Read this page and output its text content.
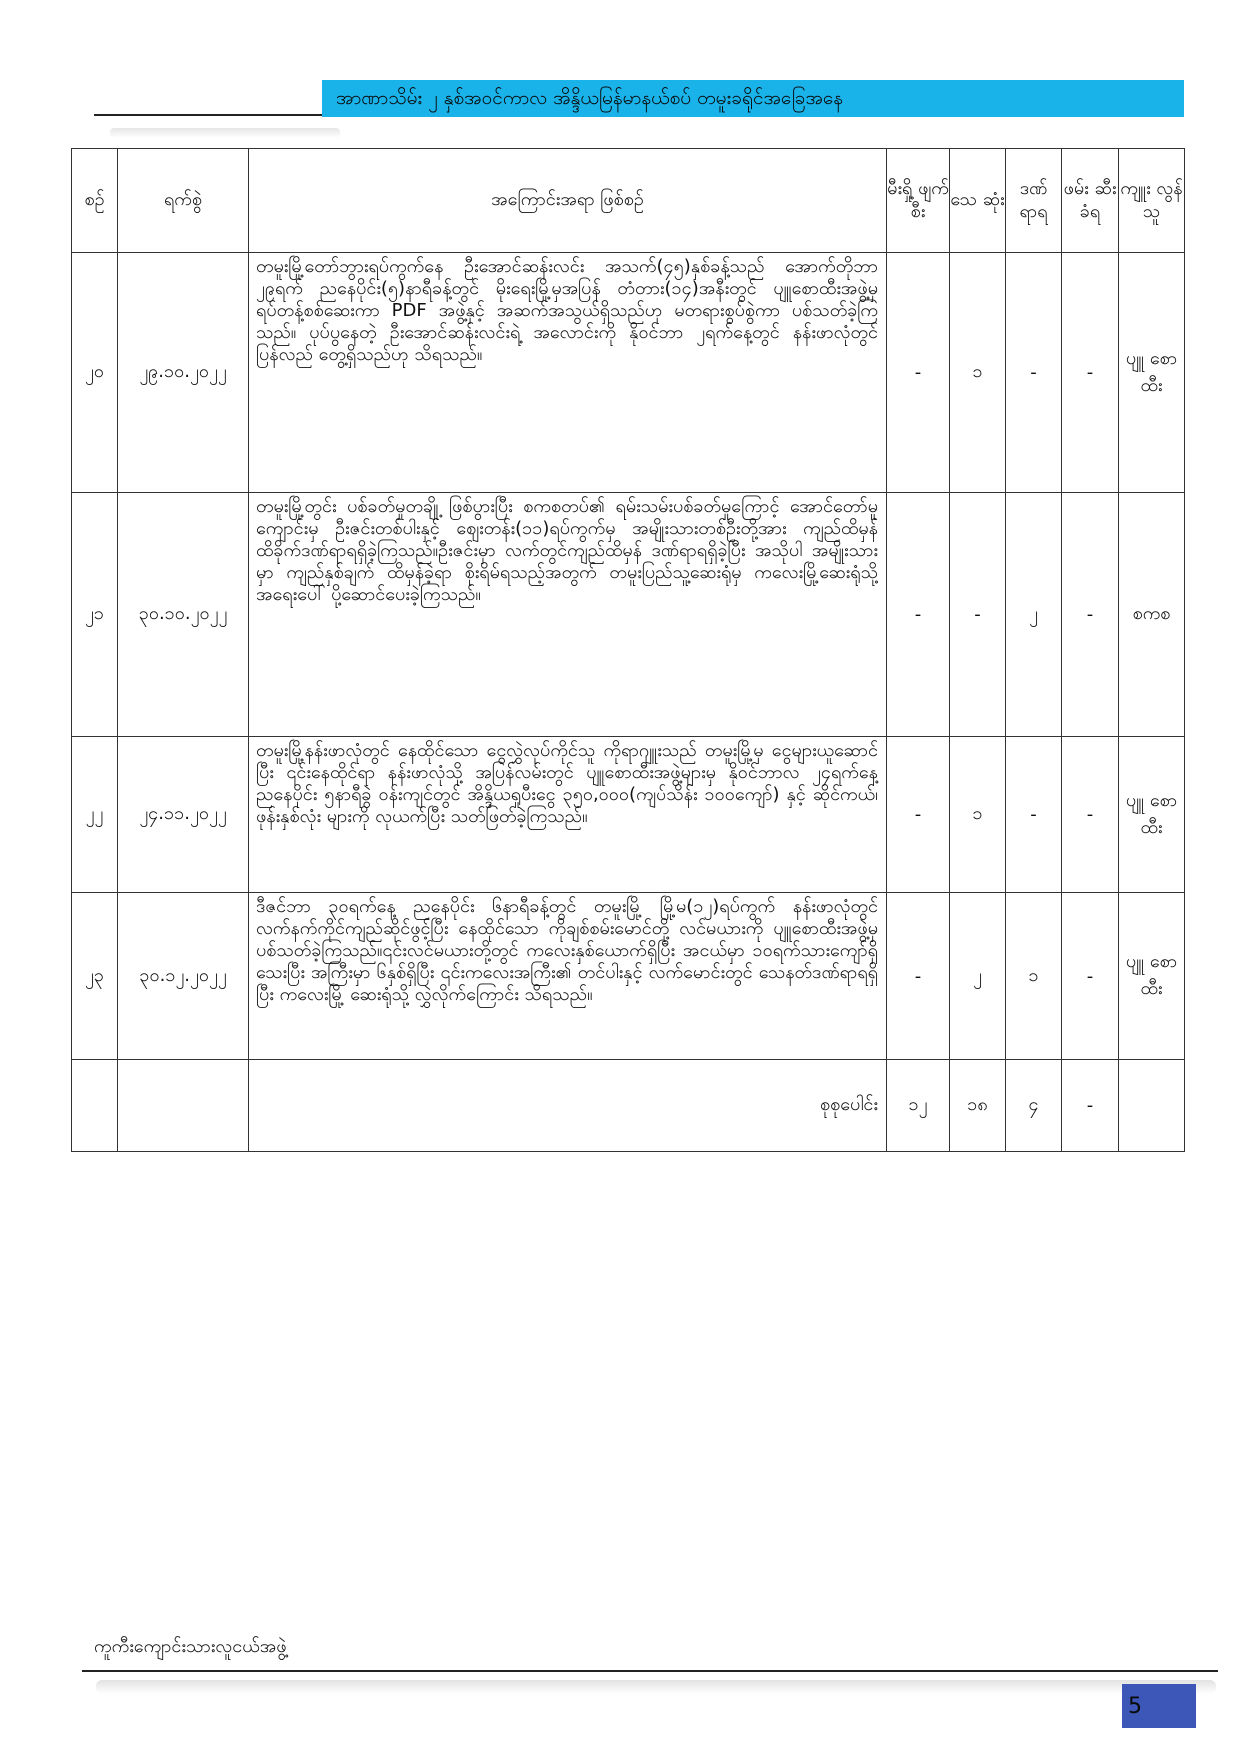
အာဏာသိမ်း ၂ နှစ်အဝင်ကာလ အိန္ဒိယမြန်မာနယ်စပ် တမူးခရိုင်အခြေအနေ
စဉ်	ရက်စွဲ	အကြောင်းအရာ ဖြစ်စဉ်	မီးရှို့ ဖျက် စီး	သေ ဆုံး	ဒဏ် ရာရ	ဖမ်း ဆီး ခံရ	ကျူး လွန် သူ
၂၀	၂၉.၁၀.၂၀၂၂	တမူးမြို့တော်ဘွားရပ်ကွက်နေ ဦးအောင်ဆန်းလင်း အသက်(၄၅)နှစ်ခန့်သည် အောက်တိုဘာ ၂၉ရက် ညနေပိုင်း(၅)နာရီခန့်တွင် မိုးရေးမြို့မှအပြန် တံတား(၁၄)အနီးတွင် ပျူစောထီးအဖွဲ့မှ ရပ်တန့်စစ်ဆေးကာ PDF အဖွဲ့နှင့် အဆက်အသွယ်ရှိသည်ဟု မတရားစွပ်စွဲကာ ပစ်သတ်ခဲ့ကြသည်။ ပုပ်ပွနေတဲ့ ဦးအောင်ဆန်းလင်းရဲ့ အလောင်းကို နိုဝင်ဘာ ၂ရက်နေ့တွင် နန်းဖာလုံတွင် ပြန်လည် တွေ့ရှိသည်ဟု သိရသည်။	-	၁	-	-	ပျူ စော ထီး
၂၁	၃၀.၁၀.၂၀၂၂	တမူးမြို့တွင်း ပစ်ခတ်မှုတချို့ ဖြစ်ပွားပြီး စကစတပ်၏ ရမ်းသမ်းပစ်ခတ်မှုကြောင့် အောင်တော်မူကျောင်းမှ ဦးဇင်းတစ်ပါးနှင့် စျေးတန်း(၁၁)ရပ်ကွက်မှ အမျိုးသားတစ်ဦးတို့အား ကျည်ထိမှန်ထိခိုက်ဒဏ်ရာရရှိခဲ့ကြသည်။ဦးဇင်းမှာ လက်တွင်ကျည်ထိမှန် ဒဏ်ရာရရှိခဲ့ပြီး အသိုပါ အမျိုးသားမှာ ကျည်နှစ်ချက် ထိမှန်ခဲ့ရာ စိုးရိမ်ရသည့်အတွက် တမူးပြည်သူ့ဆေးရုံမှ ကလေးမြို့ဆေးရုံသို့ အရေးပေါ် ပို့ဆောင်ပေးခဲ့ကြသည်။	-	-	၂	-	စကစ
၂၂	၂၄.၁၁.၂၀၂၂	တမူးမြို့နန်းဖာလုံတွင် နေထိုင်သော ငွေလွှဲလုပ်ကိုင်သူ ကိုရာဂျူးသည် တမူးမြို့မှ ငွေများယူဆောင်ပြီး ၎င်းနေထိုင်ရာ နန်းဖာလုံသို့ အပြန်လမ်းတွင် ပျူစောထီးအဖွဲ့များမှ နိုဝင်ဘာလ ၂၄ရက်နေ့ ညနေပိုင်း ၅နာရီခွဲ ဝန်းကျင်တွင် အိန္ဒိယရူပီးငွေ ၃၅၀,၀၀၀(ကျပ်သိန်း ၁၀၀ကျော်) နှင့် ဆိုင်ကယ်၊ဖုန်းနှစ်လုံး များကို လုယက်ပြီး သတ်ဖြတ်ခဲ့ကြသည်။	-	၁	-	-	ပျူ စော ထီး
၂၃	၃၀.၁၂.၂၀၂၂	ဒီဇင်ဘာ ၃၀ရက်နေ့ ညနေပိုင်း ၆နာရီခန့်တွင် တမူးမြို့ မြို့မ(၁၂)ရပ်ကွက် နန်းဖာလုံတွင် လက်နက်ကိုင်ကျည်ဆိုင်ဖွင့်ပြီး နေထိုင်သော ကိုချစ်စမ်းမောင်တို့ လင်မယားကို ပျူစောထီးအဖွဲ့မှ ပစ်သတ်ခဲ့ကြသည်။၎င်းလင်မယားတို့တွင် ကလေးနှစ်ယောက်ရှိပြီး အငယ်မှာ ၁၀ရက်သားကျော်ရှိသေးပြီး အကြီးမှာ ၆နှစ်ရှိပြီး ၎င်းကလေးအကြီး၏ တင်ပါးနှင့် လက်မောင်းတွင် သေနတ်ဒဏ်ရာရရှိပြီး ကလေးမြို့ ဆေးရုံသို့ လွှဲလိုက်ကြောင်း သိရသည်။	-	၂	၁	-	ပျူ စော ထီး
		စုစုပေါင်း	၁၂	၁၈	၄	-	
ကူကီးကျောင်းသားလူငယ်အဖွဲ့
5
